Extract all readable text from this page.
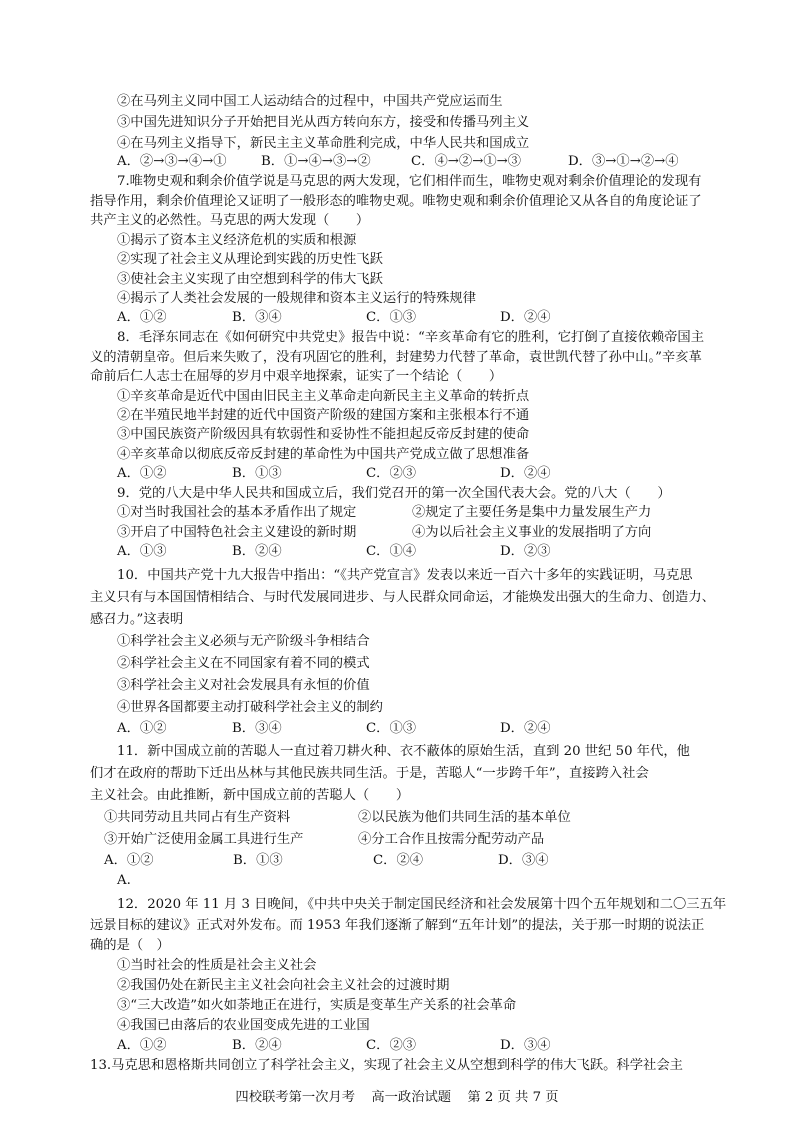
②在马列主义同中国工人运动结合的过程中，中国共产党应运而生
③中国先进知识分子开始把目光从西方转向东方，接受和传播马列主义
④在马列主义指导下，新民主主义革命胜利完成，中华人民共和国成立
A．②→③→④→①	B．①→④→③→②	C．④→②→①→③	D．③→①→②→④
7.唯物史观和剩余价值学说是马克思的两大发现，它们相伴而生，唯物史观对剩余价值理论的发现有
指导作用，剩余价值理论又证明了一般形态的唯物史观。唯物史观和剩余价值理论又从各自的角度论证了
共产主义的必然性。马克思的两大发现（　　）
①揭示了资本主义经济危机的实质和根源
②实现了社会主义从理论到实践的历史性飞跃
③使社会主义实现了由空想到科学的伟大飞跃
④揭示了人类社会发展的一般规律和资本主义运行的特殊规律
A．①②	B．③④	C．①③	D．②④
8．毛泽东同志在《如何研究中共党史》报告中说：“辛亥革命有它的胜利，它打倒了直接依赖帝国主
义的清朝皇帝。但后来失败了，没有巩固它的胜利，封建势力代替了革命，袁世凯代替了孙中山。”辛亥革
命前后仁人志士在屈辱的岁月中艰辛地探索，证实了一个结论（　　）
①辛亥革命是近代中国由旧民主主义革命走向新民主主义革命的转折点
②在半殖民地半封建的近代中国资产阶级的建国方案和主张根本行不通
③中国民族资产阶级因具有软弱性和妥协性不能担起反帝反封建的使命
④辛亥革命以彻底反帝反封建的革命性为中国共产党成立做了思想准备
A．①②	B．①③	C．②③	D．②④
9．党的八大是中华人民共和国成立后，我们党召开的第一次全国代表大会。党的八大（　　）
①对当时我国社会的基本矛盾作出了规定	②规定了主要任务是集中力量发展生产力
③开启了中国特色社会主义建设的新时期	④为以后社会主义事业的发展指明了方向
A．①③	B．②④	C．①④	D．②③
10．中国共产党十九大报告中指出：“《共产党宣言》发表以来近一百六十多年的实践证明，马克思
主义只有与本国国情相结合、与时代发展同进步、与人民群众同命运，才能焕发出强大的生命力、创造力、
感召力。”这表明
①科学社会主义必须与无产阶级斗争相结合
②科学社会主义在不同国家有着不同的模式
③科学社会主义对社会发展具有永恒的价值
④世界各国都要主动打破科学社会主义的制约
A．①②	B．③④	C．①③	D．②④
11．新中国成立前的苦聪人一直过着刀耕火种、衣不蔽体的原始生活，直到 20 世纪 50 年代，他
们才在政府的帮助下迁出丛林与其他民族共同生活。于是，苦聪人“一步跨千年”，直接跨入社会
主义社会。由此推断，新中国成立前的苦聪人（　　）
①共同劳动且共同占有生产资料	②以民族为他们共同生活的基本单位
③开始广泛使用金属工具进行生产	④分工合作且按需分配劳动产品
A．①②	B．①③	C．②④	D．③④
A.
12．2020 年 11 月 3 日晚间，《中共中央关于制定国民经济和社会发展第十四个五年规划和二〇三五年
远景目标的建议》正式对外发布。而 1953 年我们逐渐了解到“五年计划”的提法，关于那一时期的说法正
确的是（　）
①当时社会的性质是社会主义社会
②我国仍处在新民主主义社会向社会主义社会的过渡时期
③“三大改造”如火如荼地正在进行，实质是变革生产关系的社会革命
④我国已由落后的农业国变成先进的工业国
A．①②	B．②④	C．②③	D．③④
13.马克思和恩格斯共同创立了科学社会主义，实现了社会主义从空想到科学的伟大飞跃。科学社会主
四校联考第一次月考 高一政治试题 第 2 页 共 7 页
